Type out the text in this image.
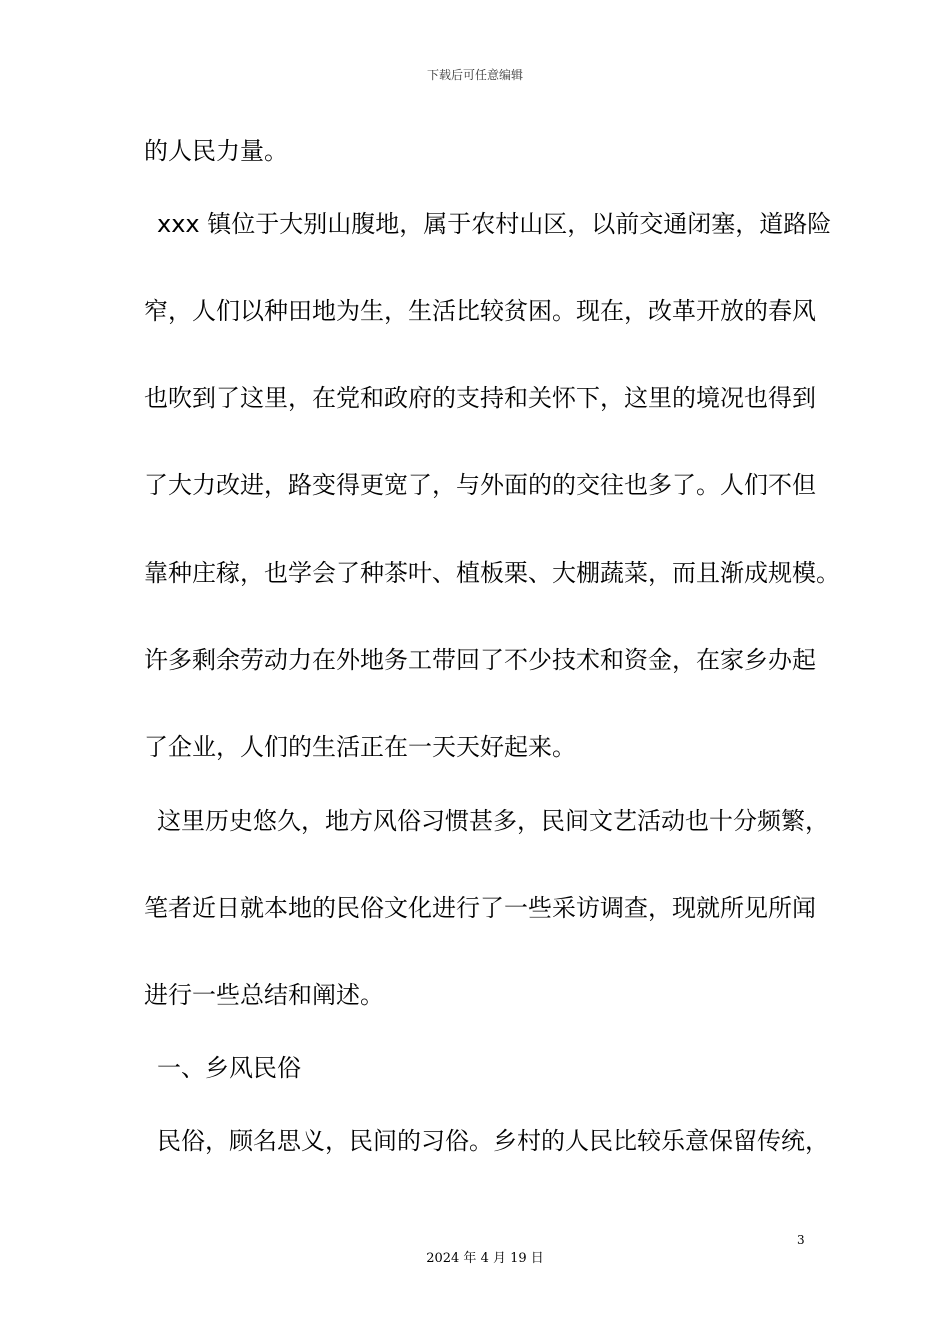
下载后可任意编辑
的人民力量。
xxx 镇位于大别山腹地，属于农村山区，以前交通闭塞，道路险
窄，人们以种田地为生，生活比较贫困。现在，改革开放的春风
也吹到了这里，在党和政府的支持和关怀下，这里的境况也得到
了大力改进，路变得更宽了，与外面的的交往也多了。人们不但
靠种庄稼，也学会了种茶叶、植板栗、大棚蔬菜，而且渐成规模。
许多剩余劳动力在外地务工带回了不少技术和资金，在家乡办起
了企业，人们的生活正在一天天好起来。
这里历史悠久，地方风俗习惯甚多，民间文艺活动也十分频繁，
笔者近日就本地的民俗文化进行了一些采访调查，现就所见所闻
进行一些总结和阐述。
一、乡风民俗
民俗，顾名思义，民间的习俗。乡村的人民比较乐意保留传统，
3
2024 年 4 月 19 日
